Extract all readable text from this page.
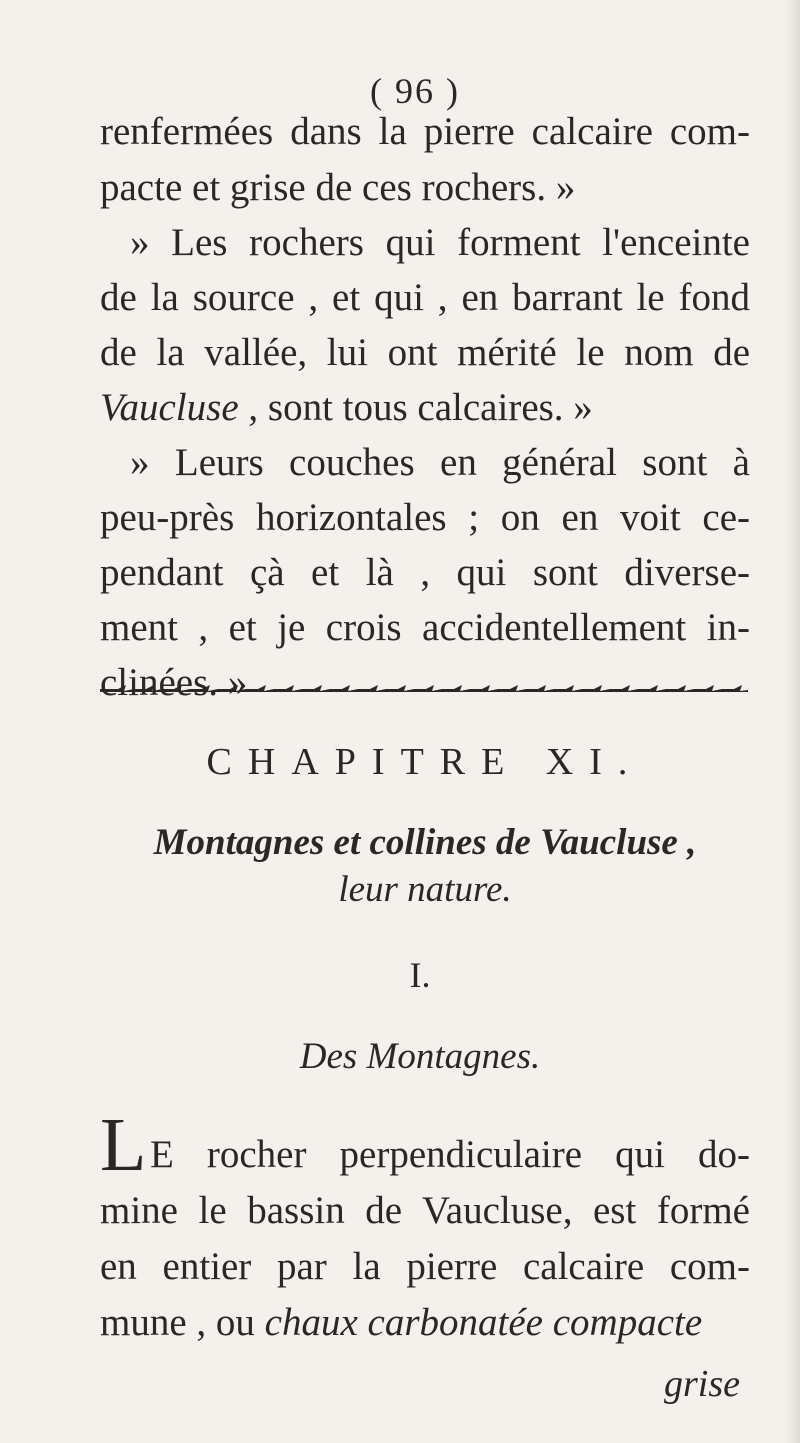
( 96 )
renfermées dans la pierre calcaire com-
pacte et grise de ces rochers. »
» Les rochers qui forment l'enceinte
de la source , et qui , en barrant le fond
de la vallée, lui ont mérité le nom de
Vaucluse , sont tous calcaires. »
» Leurs couches en général sont à
peu-près horizontales ; on en voit ce-
pendant çà et là , qui sont diverse-
ment , et je crois accidentellement in-
clinées. »
CHAPITRE XI.
Montagnes et collines de Vaucluse ,
leur nature.
I.
Des Montagnes.
L E rocher perpendiculaire qui do-
mine le bassin de Vaucluse, est formé
en entier par la pierre calcaire com-
mune , ou chaux carbonatée compacte
grise
